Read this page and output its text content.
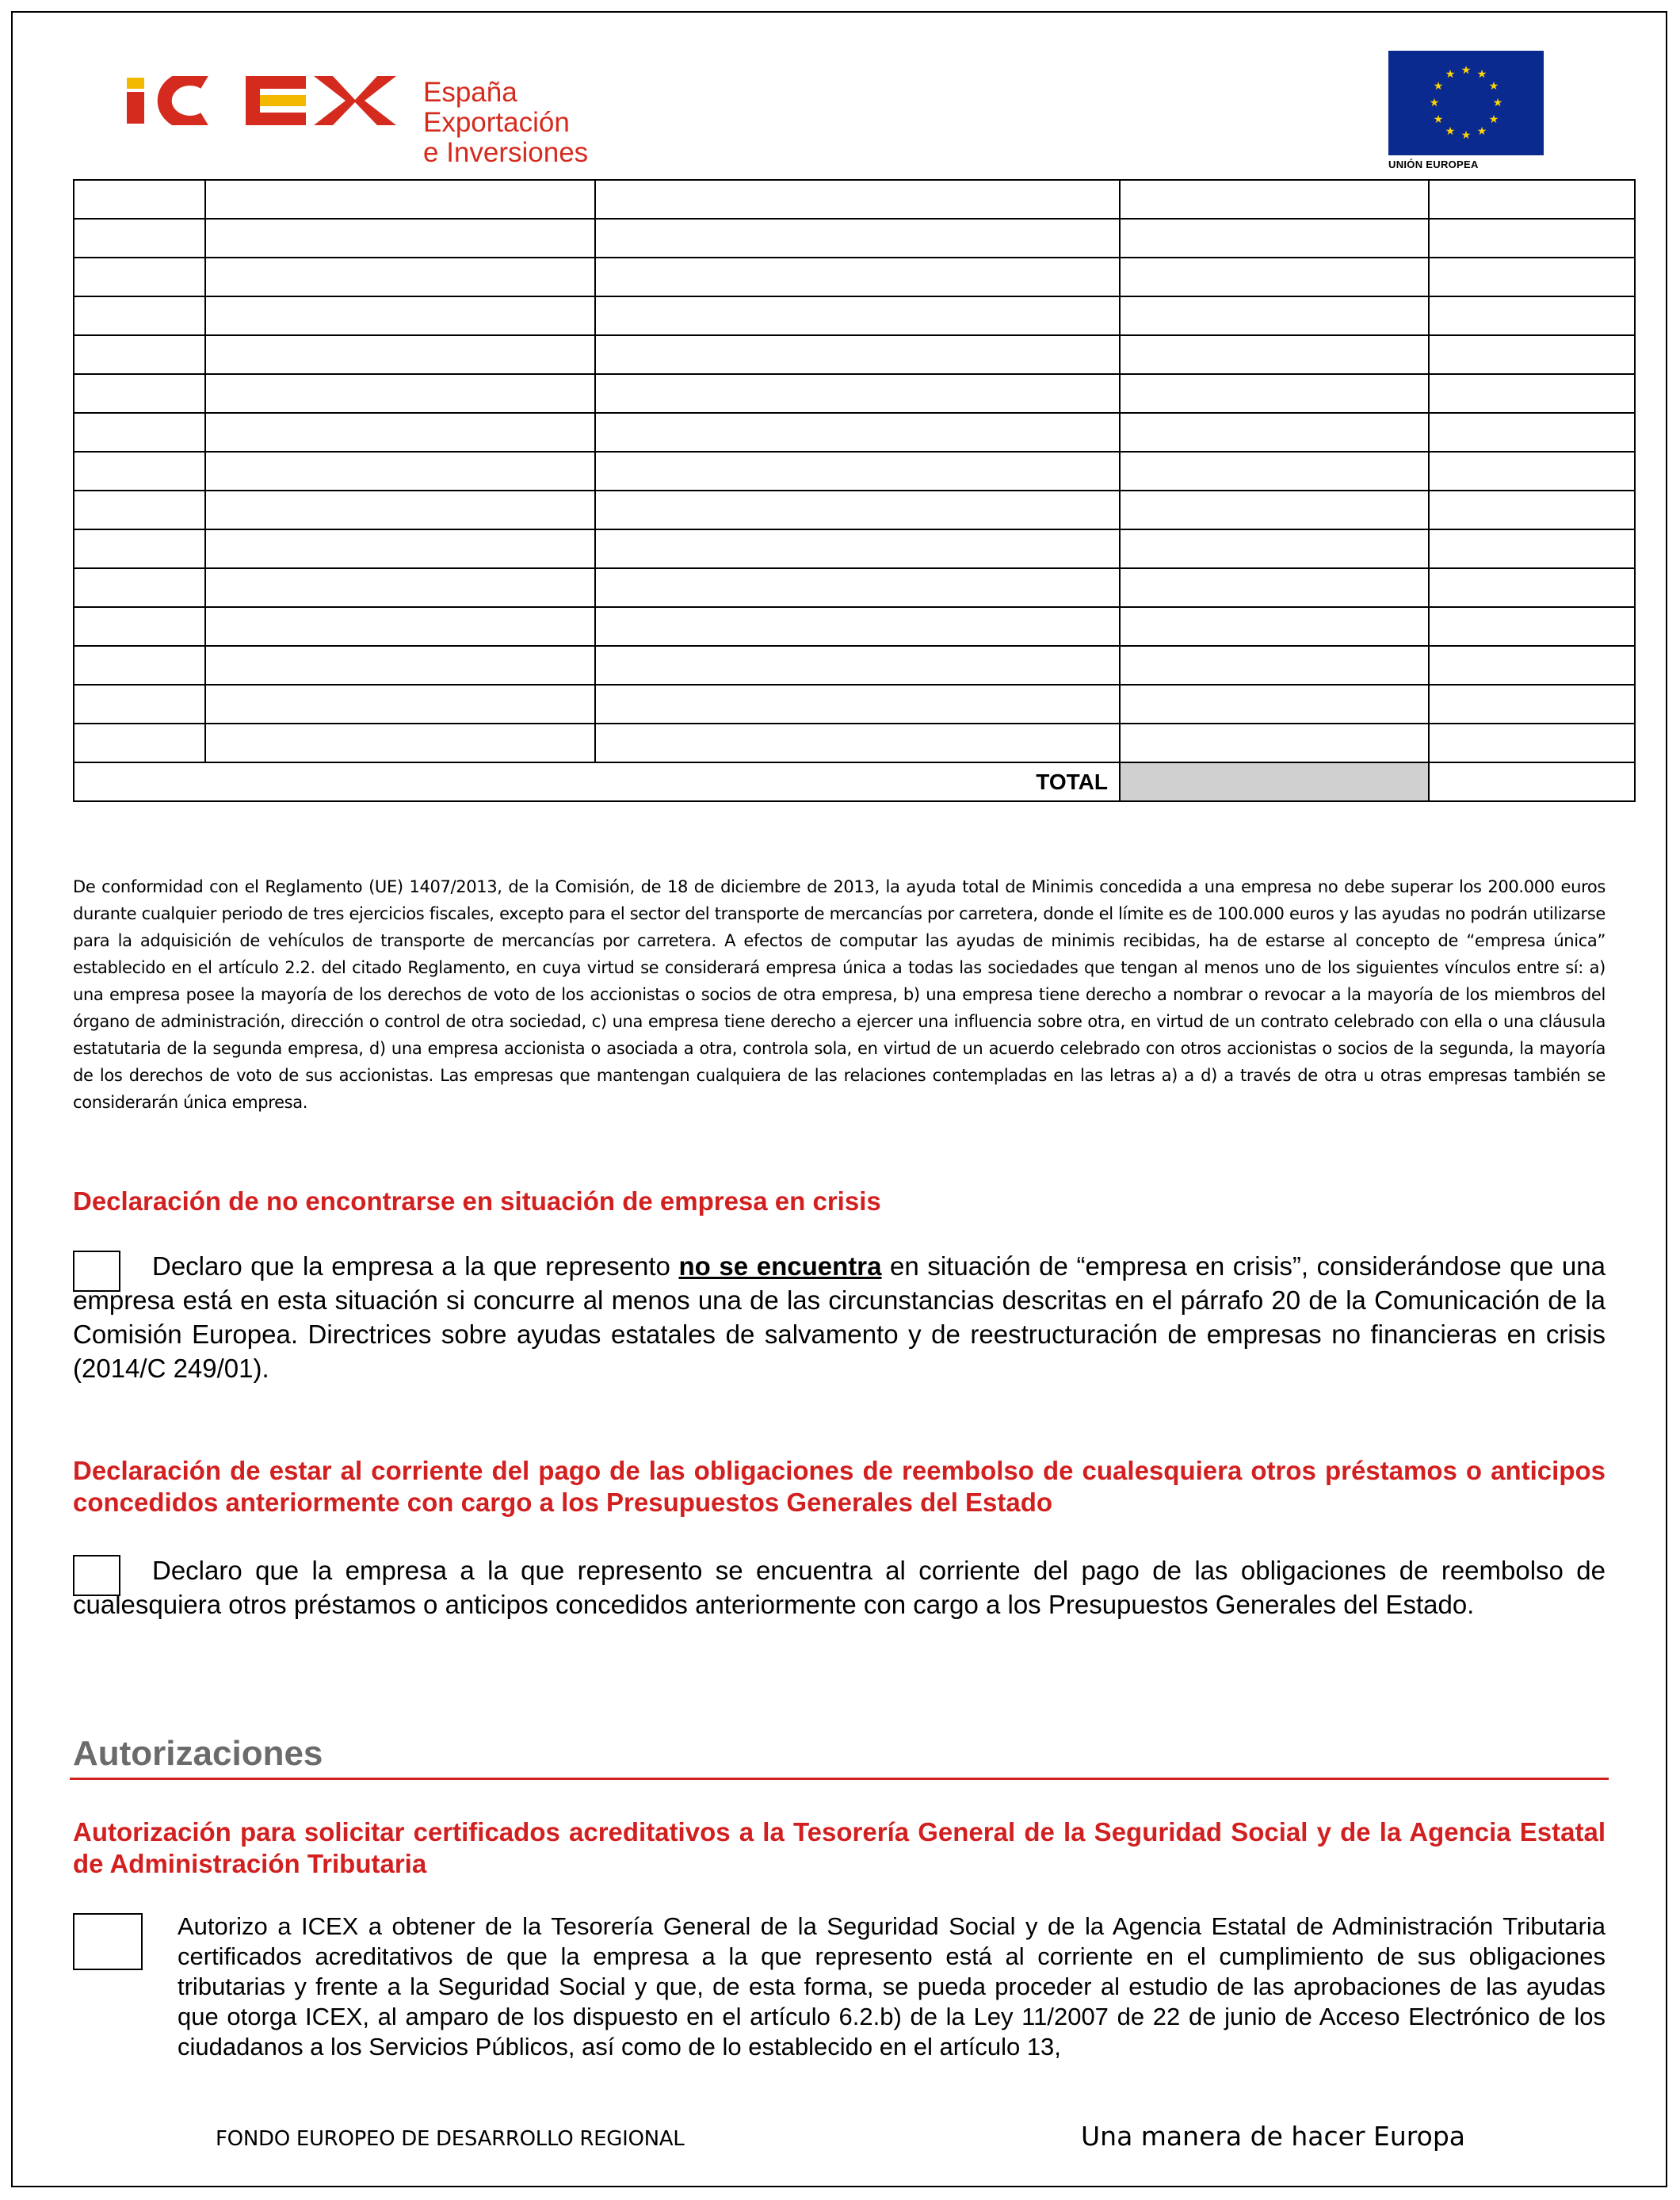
España
Exportación
e Inversiones
★ ★
★
★
★
★
★
★
★
★
★
★
UNIÓN EUROPEA

TOTAL				
De conformidad con el Reglamento (UE) 1407/2013, de la Comisión, de 18 de diciembre de 2013, la ayuda total de Minimis concedida a una empresa no debe superar los 200.000 euros durante cualquier periodo de tres ejercicios fiscales, excepto para el sector del transporte de mercancías por carretera, donde el límite es de 100.000 euros y las ayudas no podrán utilizarse para la adquisición de vehículos de transporte de mercancías por carretera. A efectos de computar las ayudas de minimis recibidas, ha de estarse al concepto de “empresa única” establecido en el artículo 2.2. del citado Reglamento, en cuya virtud se considerará empresa única a todas las sociedades que tengan al menos uno de los siguientes vínculos entre sí: a) una empresa posee la mayoría de los derechos de voto de los accionistas o socios de otra empresa, b) una empresa tiene derecho a nombrar o revocar a la mayoría de los miembros del órgano de administración, dirección o control de otra sociedad, c) una empresa tiene derecho a ejercer una influencia sobre otra, en virtud de un contrato celebrado con ella o una cláusula estatutaria de la segunda empresa, d) una empresa accionista o asociada a otra, controla sola, en virtud de un acuerdo celebrado con otros accionistas o socios de la segunda, la mayoría de los derechos de voto de sus accionistas. Las empresas que mantengan cualquiera de las relaciones contempladas en las letras a) a d) a través de otra u otras empresas también se considerarán única empresa.
Declaración de no encontrarse en situación de empresa en crisis
Declaro que la empresa a la que represento no se encuentra en situación de “empresa en crisis”, considerándose que una empresa está en esta situación si concurre al menos una de las circunstancias descritas en el párrafo 20 de la Comunicación de la Comisión Europea. Directrices sobre ayudas estatales de salvamento y de reestructuración de empresas no financieras en crisis (2014/C 249/01).
Declaración de estar al corriente del pago de las obligaciones de reembolso de cualesquiera otros préstamos o anticipos concedidos anteriormente con cargo a los Presupuestos Generales del Estado
Declaro que la empresa a la que represento se encuentra al corriente del pago de las obligaciones de reembolso de cualesquiera otros préstamos o anticipos concedidos anteriormente con cargo a los Presupuestos Generales del Estado.
Autorizaciones
Autorización para solicitar certificados acreditativos a la Tesorería General de la Seguridad Social y de la Agencia Estatal de Administración Tributaria
Autorizo a ICEX a obtener de la Tesorería General de la Seguridad Social y de la Agencia Estatal de Administración Tributaria certificados acreditativos de que la empresa a la que represento está al corriente en el cumplimiento de sus obligaciones tributarias y frente a la Seguridad Social y que, de esta forma, se pueda proceder al estudio de las aprobaciones de las ayudas que otorga ICEX, al amparo de los dispuesto en el artículo 6.2.b) de la Ley 11/2007 de 22 de junio de Acceso Electrónico de los ciudadanos a los Servicios Públicos, así como de lo establecido en el artículo 13,
FONDO EUROPEO DE DESARROLLO REGIONAL	Una manera de hacer Europa
